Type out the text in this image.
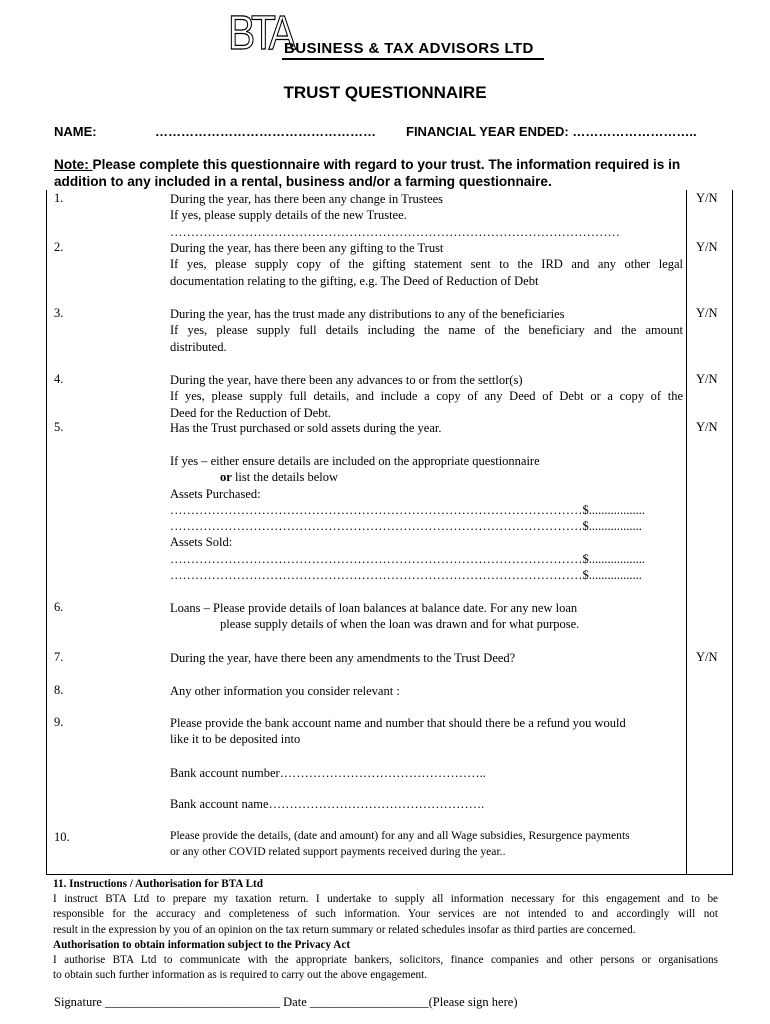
BTA
BUSINESS & TAX ADVISORS LTD
TRUST QUESTIONNAIRE
NAME:	…………………………………………… FINANCIAL YEAR ENDED: ………………………..
Note: Please complete this questionnaire with regard to your trust. The information required is in addition to any included in a rental, business and/or a farming questionnaire.
1.	During the year, has there been any change in Trustees
If yes, please supply details of the new Trustee.
………………………………………………………………………………………………
Y/N
2.	During the year, has there been any gifting to the Trust
If yes, please supply copy of the gifting statement sent to the IRD and any other legal
documentation relating to the gifting, e.g. The Deed of Reduction of Debt
Y/N
3.	During the year, has the trust made any distributions to any of the beneficiaries
If yes, please supply full details including the name of the beneficiary and the amount
distributed.
Y/N
4.	During the year, have there been any advances to or from the settlor(s)
If yes, please supply full details, and include a copy of any Deed of Debt or a copy of the
Deed for the Reduction of Debt.
Y/N
5.	Has the Trust purchased or sold assets during the year.	Y/N
If yes – either ensure details are included on the appropriate questionnaire
or list the details below
Assets Purchased:
………………………………………………………………………………………$..................
………………………………………………………………………………………$.................
Assets Sold:
………………………………………………………………………………………$..................
………………………………………………………………………………………$.................
6.	Loans – Please provide details of loan balances at balance date. For any new loan
please supply details of when the loan was drawn and for what purpose.
7.	During the year, have there been any amendments to the Trust Deed?	Y/N
8.	Any other information you consider relevant :
9.	Please provide the bank account name and number that should there be a refund you would
like it to be deposited into
Bank account number…………………………………………..
Bank account name…………………………………………….
10.	Please provide the details, (date and amount) for any and all Wage subsidies, Resurgence payments
or any other COVID related support payments received during the year..
11. Instructions / Authorisation for BTA Ltd
I instruct BTA Ltd to prepare my taxation return. I undertake to supply all information necessary for this engagement and to be
responsible for the accuracy and completeness of such information. Your services are not intended to and accordingly will not
result in the expression by you of an opinion on the tax return summary or related schedules insofar as third parties are concerned.
Authorisation to obtain information subject to the Privacy Act
I authorise BTA Ltd to communicate with the appropriate bankers, solicitors, finance companies and other persons or organisations
to obtain such further information as is required to carry out the above engagement.
Signature ____________________________ Date ___________________(Please sign here)
